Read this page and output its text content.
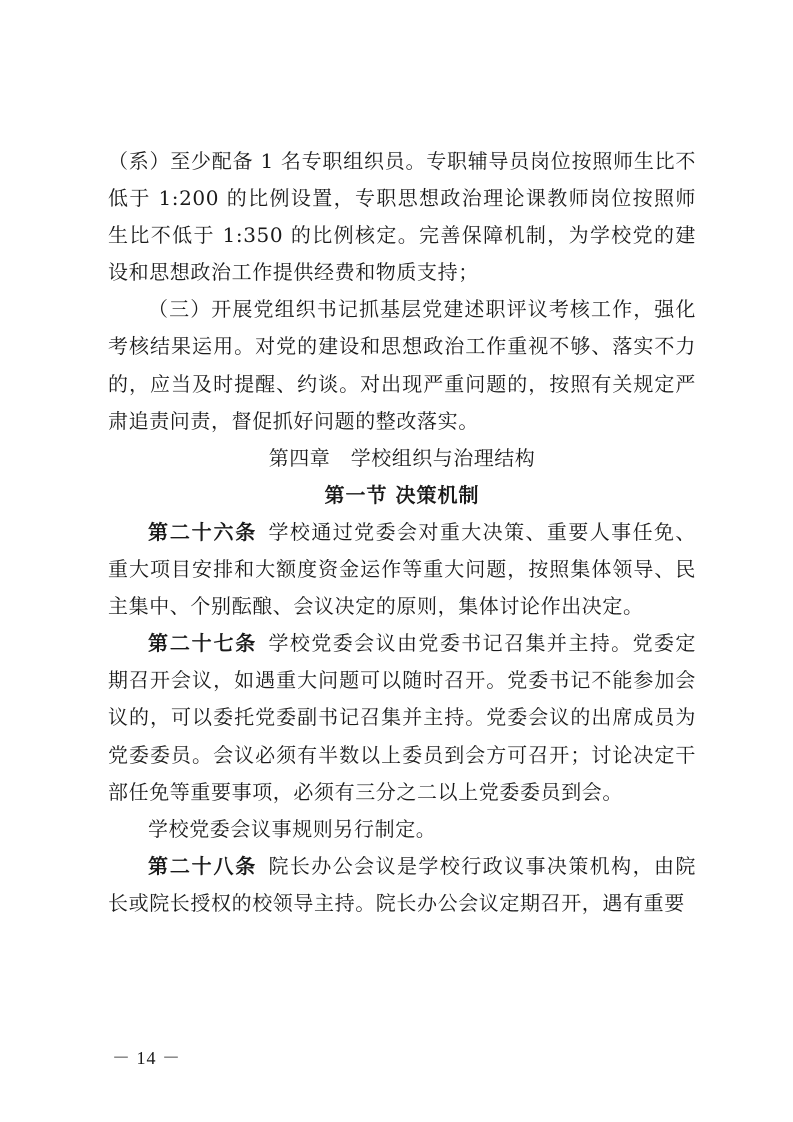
（系）至少配备 1 名专职组织员。专职辅导员岗位按照师生比不低于 1:200 的比例设置，专职思想政治理论课教师岗位按照师生比不低于 1:350 的比例核定。完善保障机制，为学校党的建设和思想政治工作提供经费和物质支持；

（三）开展党组织书记抓基层党建述职评议考核工作，强化考核结果运用。对党的建设和思想政治工作重视不够、落实不力的，应当及时提醒、约谈。对出现严重问题的，按照有关规定严肃追责问责，督促抓好问题的整改落实。

第四章　学校组织与治理结构

第一节 决策机制

第二十六条  学校通过党委会对重大决策、重要人事任免、重大项目安排和大额度资金运作等重大问题，按照集体领导、民主集中、个别酝酿、会议决定的原则，集体讨论作出决定。

第二十七条  学校党委会议由党委书记召集并主持。党委定期召开会议，如遇重大问题可以随时召开。党委书记不能参加会议的，可以委托党委副书记召集并主持。党委会议的出席成员为党委委员。会议必须有半数以上委员到会方可召开；讨论决定干部任免等重要事项，必须有三分之二以上党委委员到会。

学校党委会议事规则另行制定。

第二十八条  院长办公会议是学校行政议事决策机构，由院长或院长授权的校领导主持。院长办公会议定期召开，遇有重要

－ 14 －
